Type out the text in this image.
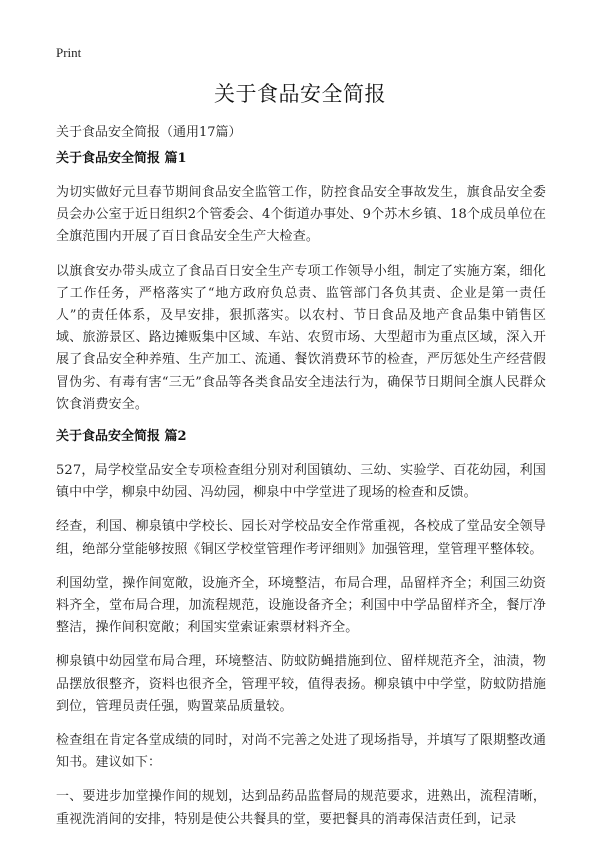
Print
关于食品安全简报
关于食品安全简报（通用17篇）
关于食品安全简报 篇1

为切实做好元旦春节期间食品安全监管工作，防控食品安全事故发生，旗食品安全委员会办公室于近日组织2个管委会、4个街道办事处、9个苏木乡镇、18个成员单位在全旗范围内开展了百日食品安全生产大检查。

以旗食安办带头成立了食品百日安全生产专项工作领导小组，制定了实施方案，细化了工作任务，严格落实了“地方政府负总责、监管部门各负其责、企业是第一责任人”的责任体系，及早安排，狠抓落实。以农村、节日食品及地产食品集中销售区域、旅游景区、路边摊贩集中区域、车站、农贸市场、大型超市为重点区域，深入开展了食品安全种养殖、生产加工、流通、餐饮消费环节的检查，严厉惩处生产经营假冒伪劣、有毒有害“三无”食品等各类食品安全违法行为，确保节日期间全旗人民群众饮食消费安全。

关于食品安全简报 篇2

527，局学校堂品安全专项检查组分别对利国镇幼、三幼、实验学、百花幼园，利国镇中中学，柳泉中幼园、冯幼园，柳泉中中学堂进了现场的检查和反馈。

经查，利国、柳泉镇中学校长、园长对学校品安全作常重视，各校成了堂品安全领导组，绝部分堂能够按照《铜区学校堂管理作考评细则》加强管理，堂管理平整体较。

利国幼堂，操作间宽敞，设施齐全，环境整洁，布局合理，品留样齐全；利国三幼资料齐全，堂布局合理，加流程规范，设施设备齐全；利国中中学品留样齐全，餐厅净整洁，操作间积宽敞；利国实堂索证索票材料齐全。

柳泉镇中幼园堂布局合理，环境整洁、防蚊防蝇措施到位、留样规范齐全，油渍，物品摆放很整齐，资料也很齐全，管理平较，值得表扬。柳泉镇中中学堂，防蚊防措施到位，管理员责任强，购置菜品质量较。

检查组在肯定各堂成绩的同时，对尚不完善之处进了现场指导，并填写了限期整改通知书。建议如下：

一、要进步加堂操作间的规划，达到品药品监督局的规范要求，进熟出，流程清晰，重视洗消间的安排，特别是使公共餐具的堂，要把餐具的消毒保洁责任到，记录
